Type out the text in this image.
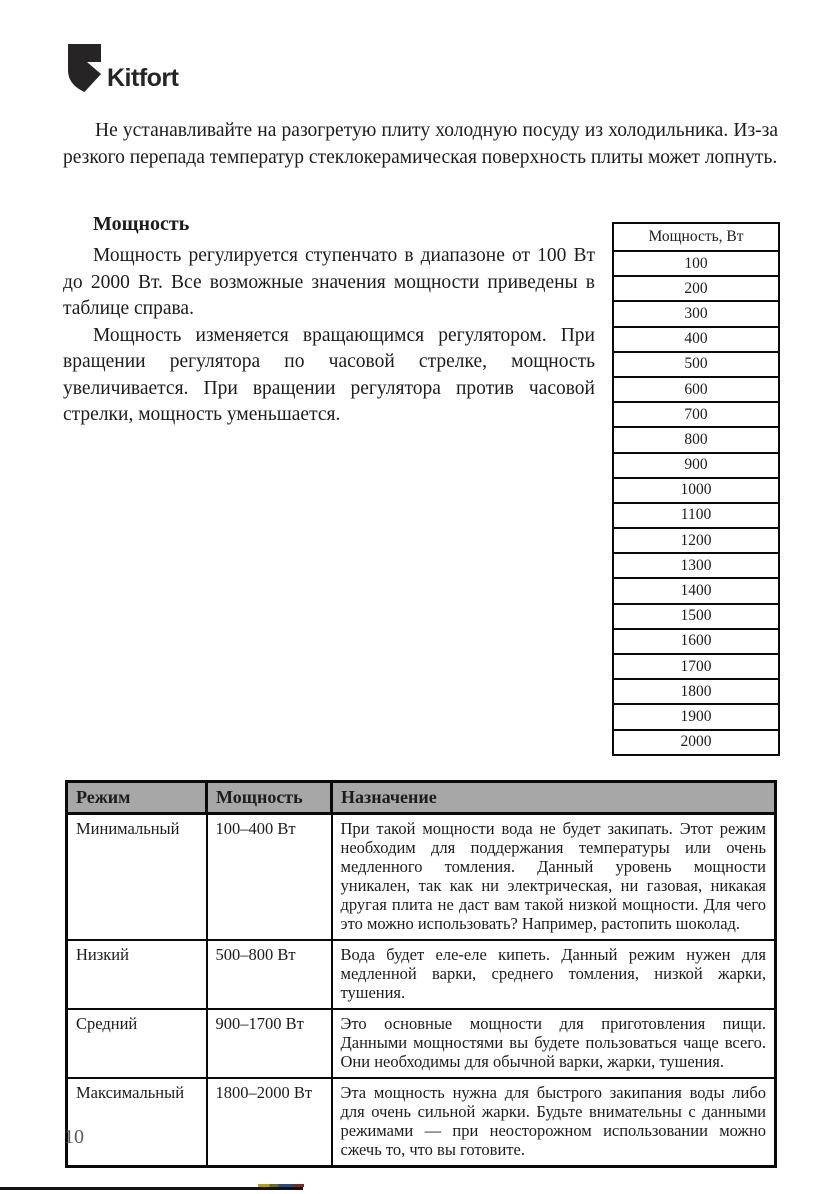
Kitfort

Не устанавливайте на разогретую плиту холодную посуду из холодильника. Из-за резкого перепада температур стеклокерамическая поверхность плиты может лопнуть.

Мощность

Мощность регулируется ступенчато в диапазоне от 100 Вт до 2000 Вт. Все возможные значения мощности приведены в таблице справа.

Мощность изменяется вращающимся регулятором. При вращении регулятора по часовой стрелке, мощность увеличивается. При вращении регулятора против часовой стрелки, мощность уменьшается.

Мощность, Вт
100
200
300
400
500
600
700
800
900
1000
1100
1200
1300
1400
1500
1600
1700
1800
1900
2000
Режим	Мощность	Назначение
Минимальный	100–400 Вт	При такой мощности вода не будет закипать. Этот режим необходим для поддержания температуры или очень медленного томления. Данный уровень мощности уникален, так как ни электрическая, ни газовая, никакая другая плита не даст вам такой низкой мощности. Для чего это можно использовать? Например, растопить шоколад.
Низкий	500–800 Вт	Вода будет еле-еле кипеть. Данный режим нужен для медленной варки, среднего томления, низкой жарки, тушения.
Средний	900–1700 Вт	Это основные мощности для приготовления пищи. Данными мощностями вы будете пользоваться чаще всего. Они необходимы для обычной варки, жарки, тушения.
Максимальный	1800–2000 Вт	Эта мощность нужна для быстрого закипания воды либо для очень сильной жарки. Будьте внимательны с данными режимами — при неосторожном использовании можно сжечь то, что вы готовите.
10
